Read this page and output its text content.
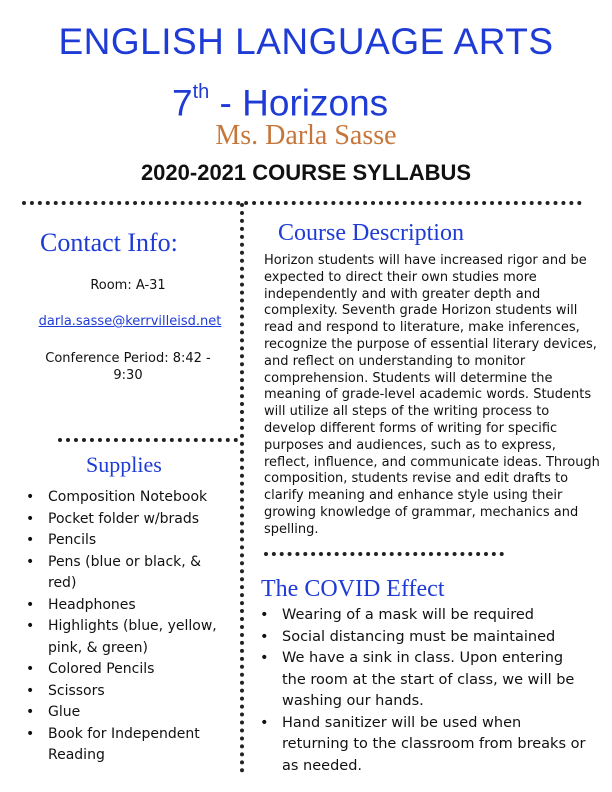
ENGLISH LANGUAGE ARTS
7th - Horizons
Ms. Darla Sasse
2020-2021 COURSE SYLLABUS
Contact Info:
Room: A-31
darla.sasse@kerrvilleisd.net
Conference Period: 8:42 - 9:30
Supplies
• Composition Notebook
• Pocket folder w/brads
• Pencils
• Pens (blue or black, & red)
• Headphones
• Highlights (blue, yellow, pink, & green)
• Colored Pencils
• Scissors
• Glue
• Book for Independent Reading
Course Description
Horizon students will have increased rigor and be expected to direct their own studies more independently and with greater depth and complexity. Seventh grade Horizon students will read and respond to literature, make inferences, recognize the purpose of essential literary devices, and reflect on understanding to monitor comprehension. Students will determine the meaning of grade-level academic words. Students will utilize all steps of the writing process to develop different forms of writing for specific purposes and audiences, such as to express, reflect, influence, and communicate ideas. Through composition, students revise and edit drafts to clarify meaning and enhance style using their growing knowledge of grammar, mechanics and spelling.
The COVID Effect
• Wearing of a mask will be required
• Social distancing must be maintained
• We have a sink in class. Upon entering the room at the start of class, we will be washing our hands.
• Hand sanitizer will be used when returning to the classroom from breaks or as needed.
